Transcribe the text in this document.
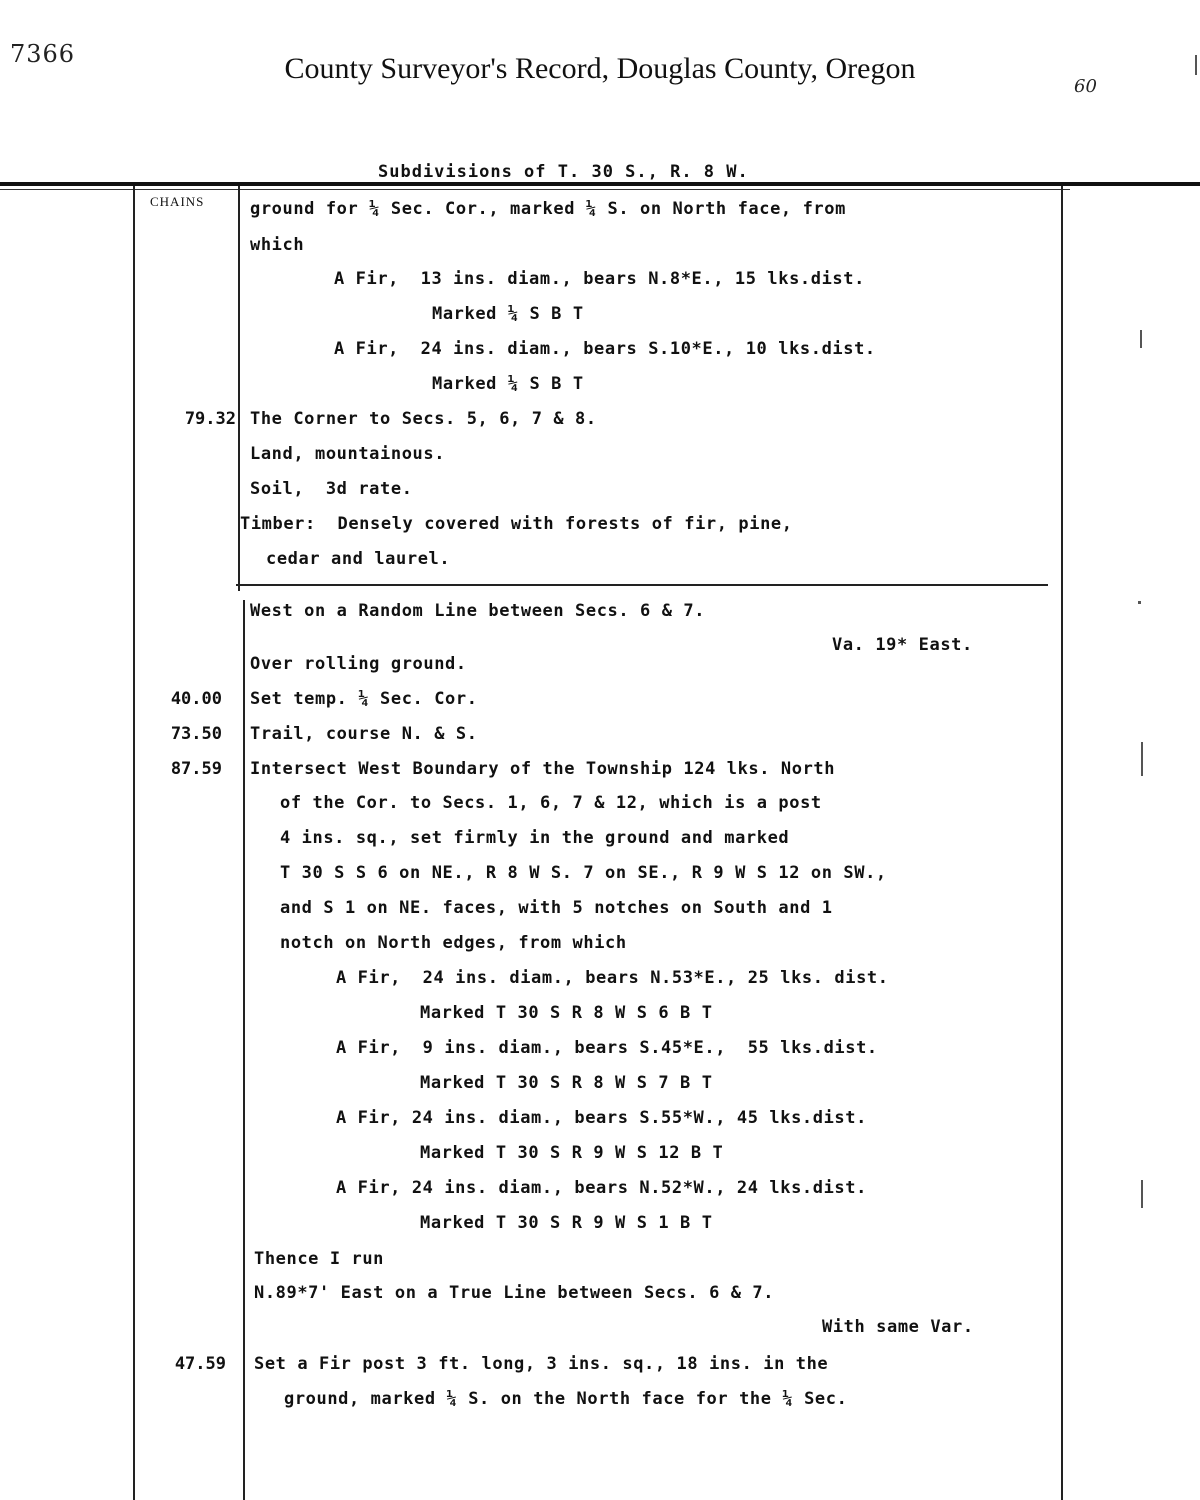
7366	County Surveyor's Record, Douglas County, Oregon
60
Subdivisions of T. 30 S., R. 8 W.
CHAINS
79.32
40.00
73.50
87.59
47.59
ground for ¼ Sec. Cor., marked ¼ S. on North face, from
which
A Fir,  13 ins. diam., bears N.8*E., 15 lks.dist.
Marked ¼ S B T
A Fir,  24 ins. diam., bears S.10*E., 10 lks.dist.
Marked ¼ S B T
The Corner to Secs. 5, 6, 7 & 8.
Land, mountainous.
Soil,  3d rate.
Timber:  Densely covered with forests of fir, pine,
cedar and laurel.
West on a Random Line between Secs. 6 & 7.
Va. 19* East.
Over rolling ground.
Set temp. ¼ Sec. Cor.
Trail, course N. & S.
Intersect West Boundary of the Township 124 lks. North
of the Cor. to Secs. 1, 6, 7 & 12, which is a post
4 ins. sq., set firmly in the ground and marked
T 30 S S 6 on NE., R 8 W S. 7 on SE., R 9 W S 12 on SW.,
and S 1 on NE. faces, with 5 notches on South and 1
notch on North edges, from which
A Fir,  24 ins. diam., bears N.53*E., 25 lks. dist.
Marked T 30 S R 8 W S 6 B T
A Fir,  9 ins. diam., bears S.45*E.,  55 lks.dist.
Marked T 30 S R 8 W S 7 B T
A Fir, 24 ins. diam., bears S.55*W., 45 lks.dist.
Marked T 30 S R 9 W S 12 B T
A Fir, 24 ins. diam., bears N.52*W., 24 lks.dist.
Marked T 30 S R 9 W S 1 B T
Thence I run
N.89*7' East on a True Line between Secs. 6 & 7.
With same Var.
Set a Fir post 3 ft. long, 3 ins. sq., 18 ins. in the
ground, marked ¼ S. on the North face for the ¼ Sec.
